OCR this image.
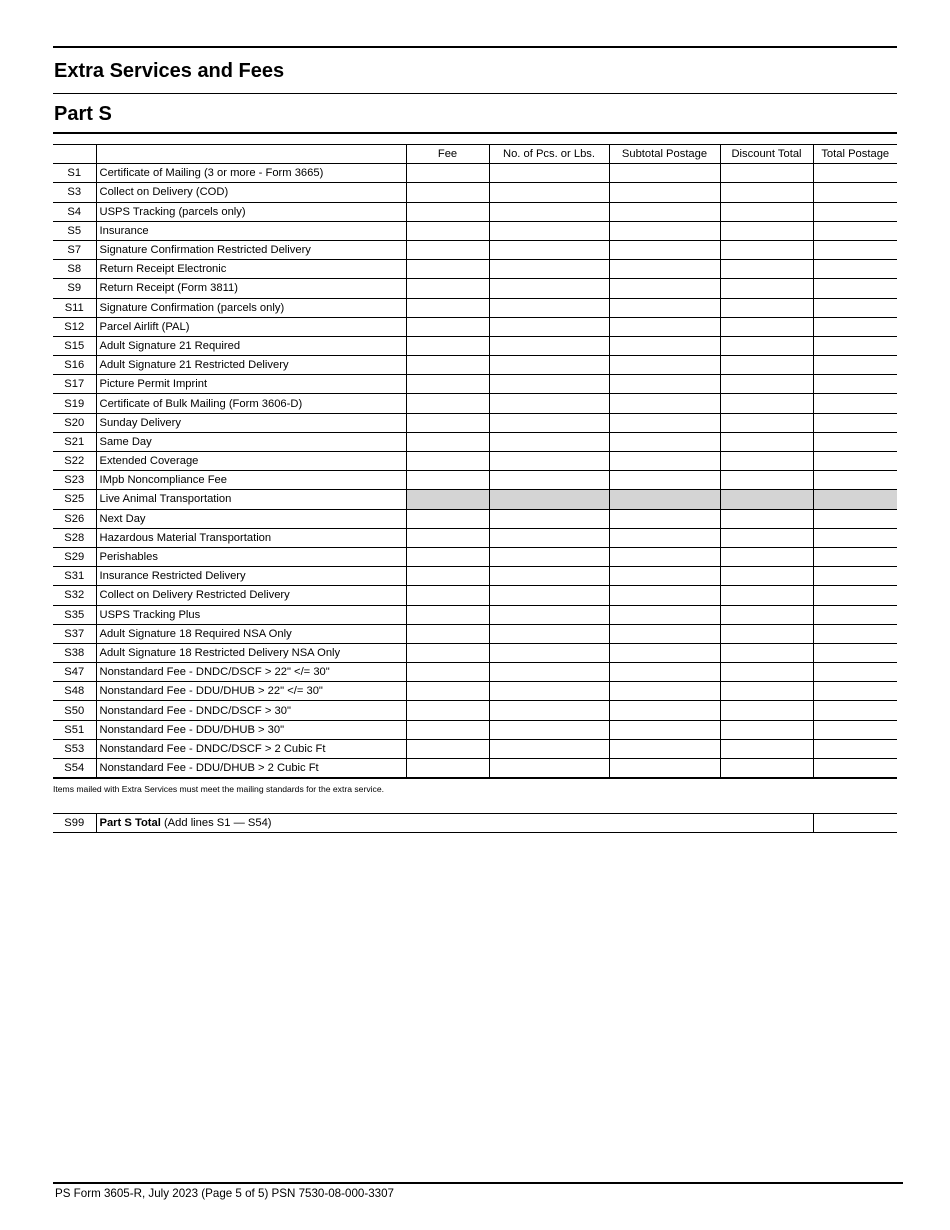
Extra Services and Fees
Part S
		Fee	No. of Pcs. or Lbs.	Subtotal Postage	Discount Total	Total Postage
S1	Certificate of Mailing (3 or more - Form 3665)					
S3	Collect on Delivery (COD)					
S4	USPS Tracking (parcels only)					
S5	Insurance					
S7	Signature Confirmation Restricted Delivery					
S8	Return Receipt Electronic					
S9	Return Receipt (Form 3811)					
S11	Signature Confirmation (parcels only)					
S12	Parcel Airlift (PAL)					
S15	Adult Signature 21 Required					
S16	Adult Signature 21 Restricted Delivery					
S17	Picture Permit Imprint					
S19	Certificate of Bulk Mailing (Form 3606-D)					
S20	Sunday Delivery					
S21	Same Day					
S22	Extended Coverage					
S23	IMpb Noncompliance Fee					
S25	Live Animal Transportation					
S26	Next Day					
S28	Hazardous Material Transportation					
S29	Perishables					
S31	Insurance Restricted Delivery					
S32	Collect on Delivery Restricted Delivery					
S35	USPS Tracking Plus					
S37	Adult Signature 18 Required NSA Only					
S38	Adult Signature 18 Restricted Delivery NSA Only					
S47	Nonstandard Fee - DNDC/DSCF > 22" </= 30"					
S48	Nonstandard Fee - DDU/DHUB > 22" </= 30"					
S50	Nonstandard Fee - DNDC/DSCF > 30"					
S51	Nonstandard Fee - DDU/DHUB > 30"					
S53	Nonstandard Fee - DNDC/DSCF > 2 Cubic Ft					
S54	Nonstandard Fee - DDU/DHUB > 2 Cubic Ft					
Items mailed with Extra Services must meet the mailing standards for the extra service.
S99	Part S Total (Add lines S1 — S54)	
PS Form 3605-R, July 2023 (Page 5 of 5) PSN 7530-08-000-3307
